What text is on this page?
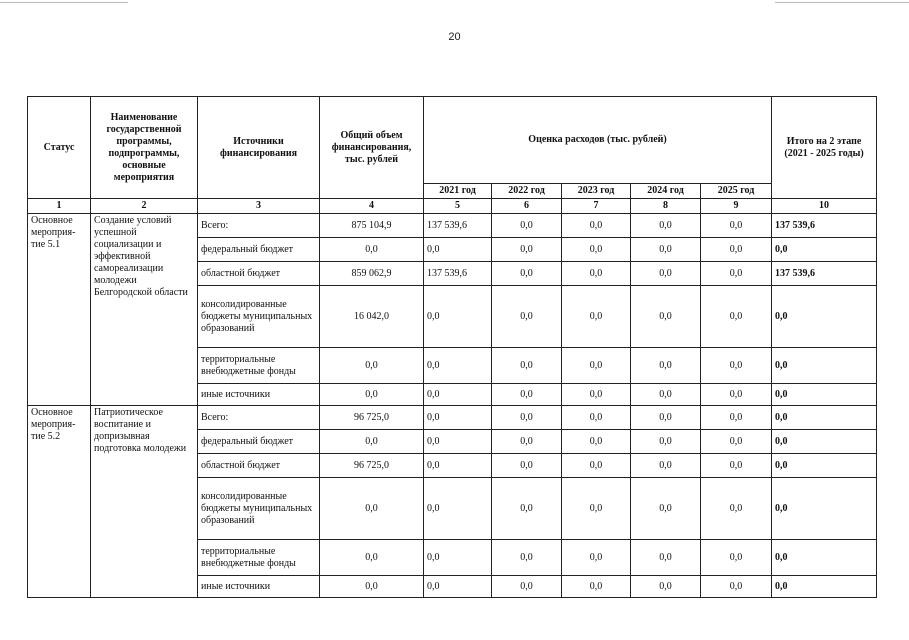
20
Статус	Наименование государственной программы, подпрограммы, основные мероприятия	Источники финансирования	Общий объем финансирования, тыс. рублей	Оценка расходов (тыс. рублей)					Итого на 2 этапе (2021 - 2025 годы)
				2021 год	2022 год	2023 год	2024 год	2025 год	
1	2	3	4	5	6	7	8	9	10
Основное мероприя-тие 5.1	Создание условий успешной социализации и эффективной самореализации молодежи Белгородской области	Всего:	875 104,9	137 539,6	0,0	0,0	0,0	0,0	137 539,6
		федеральный бюджет	0,0	0,0	0,0	0,0	0,0	0,0	0,0
		областной бюджет	859 062,9	137 539,6	0,0	0,0	0,0	0,0	137 539,6
		консолидированные бюджеты муниципальных образований	16 042,0	0,0	0,0	0,0	0,0	0,0	0,0
		территориальные внебюджетные фонды	0,0	0,0	0,0	0,0	0,0	0,0	0,0
		иные источники	0,0	0,0	0,0	0,0	0,0	0,0	0,0
Основное мероприя-тие 5.2	Патриотическое воспитание и допризывная подготовка молодежи	Всего:	96 725,0	0,0	0,0	0,0	0,0	0,0	0,0
		федеральный бюджет	0,0	0,0	0,0	0,0	0,0	0,0	0,0
		областной бюджет	96 725,0	0,0	0,0	0,0	0,0	0,0	0,0
		консолидированные бюджеты муниципальных образований	0,0	0,0	0,0	0,0	0,0	0,0	0,0
		территориальные внебюджетные фонды	0,0	0,0	0,0	0,0	0,0	0,0	0,0
		иные источники	0,0	0,0	0,0	0,0	0,0	0,0	0,0
